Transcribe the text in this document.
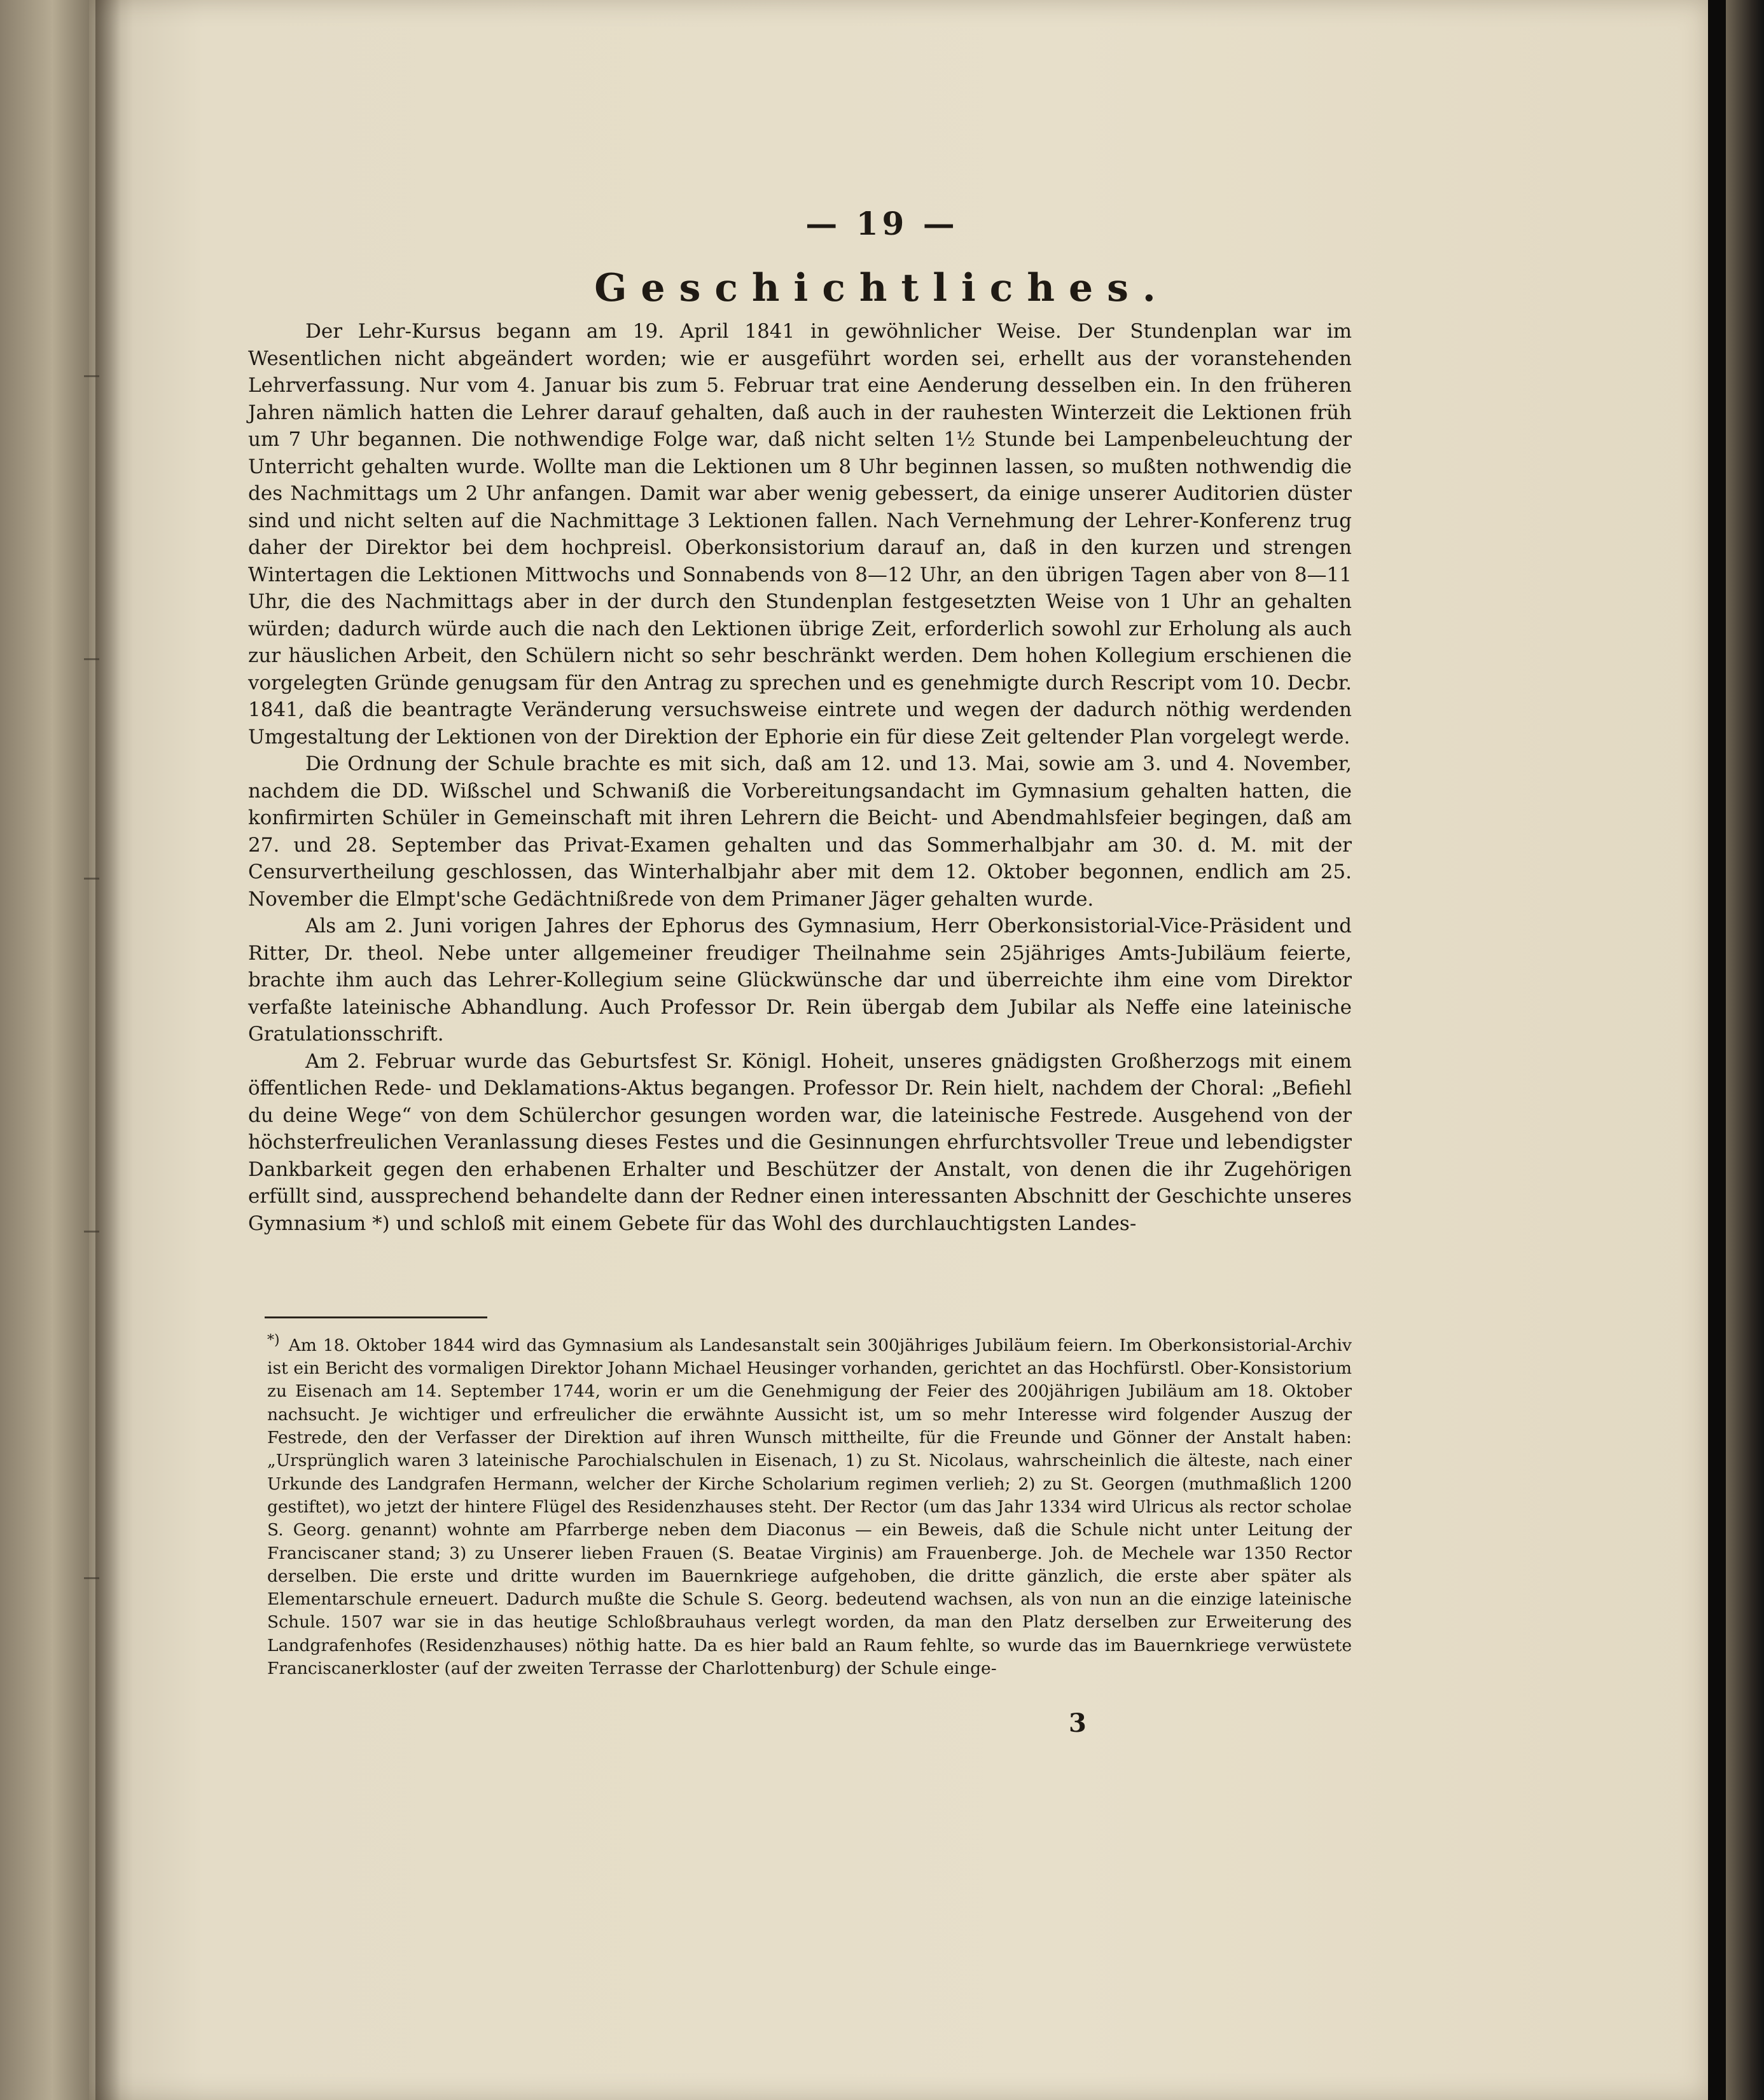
— 19 —
Geschichtliches.

Der Lehr-Kursus begann am 19. April 1841 in gewöhnlicher Weise. Der Stundenplan war im Wesentlichen nicht abgeändert worden; wie er ausgeführt worden sei, erhellt aus der voranstehenden Lehrverfassung. Nur vom 4. Januar bis zum 5. Februar trat eine Aenderung desselben ein. In den früheren Jahren nämlich hatten die Lehrer darauf gehalten, daß auch in der rauhesten Winterzeit die Lektionen früh um 7 Uhr begannen. Die nothwendige Folge war, daß nicht selten 1½ Stunde bei Lampenbeleuchtung der Unterricht gehalten wurde. Wollte man die Lektionen um 8 Uhr beginnen lassen, so mußten nothwendig die des Nachmittags um 2 Uhr anfangen. Damit war aber wenig gebessert, da einige unserer Auditorien düster sind und nicht selten auf die Nachmittage 3 Lektionen fallen. Nach Vernehmung der Lehrer-Konferenz trug daher der Direktor bei dem hochpreisl. Oberkonsistorium darauf an, daß in den kurzen und strengen Wintertagen die Lektionen Mittwochs und Sonnabends von 8—12 Uhr, an den übrigen Tagen aber von 8—11 Uhr, die des Nachmittags aber in der durch den Stundenplan festgesetzten Weise von 1 Uhr an gehalten würden; dadurch würde auch die nach den Lektionen übrige Zeit, erforderlich sowohl zur Erholung als auch zur häuslichen Arbeit, den Schülern nicht so sehr beschränkt werden. Dem hohen Kollegium erschienen die vorgelegten Gründe genugsam für den Antrag zu sprechen und es genehmigte durch Rescript vom 10. Decbr. 1841, daß die beantragte Veränderung versuchsweise eintrete und wegen der dadurch nöthig werdenden Umgestaltung der Lektionen von der Direktion der Ephorie ein für diese Zeit geltender Plan vorgelegt werde.

Die Ordnung der Schule brachte es mit sich, daß am 12. und 13. Mai, sowie am 3. und 4. November, nachdem die DD. Wißschel und Schwaniß die Vorbereitungsandacht im Gymnasium gehalten hatten, die konfirmirten Schüler in Gemeinschaft mit ihren Lehrern die Beicht- und Abendmahlsfeier begingen, daß am 27. und 28. September das Privat-Examen gehalten und das Sommerhalbjahr am 30. d. M. mit der Censurvertheilung geschlossen, das Winterhalbjahr aber mit dem 12. Oktober begonnen, endlich am 25. November die Elmpt'sche Gedächtnißrede von dem Primaner Jäger gehalten wurde.

Als am 2. Juni vorigen Jahres der Ephorus des Gymnasium, Herr Oberkonsistorial-Vice-Präsident und Ritter, Dr. theol. Nebe unter allgemeiner freudiger Theilnahme sein 25jähriges Amts-Jubiläum feierte, brachte ihm auch das Lehrer-Kollegium seine Glückwünsche dar und überreichte ihm eine vom Direktor verfaßte lateinische Abhandlung. Auch Professor Dr. Rein übergab dem Jubilar als Neffe eine lateinische Gratulationsschrift.

Am 2. Februar wurde das Geburtsfest Sr. Königl. Hoheit, unseres gnädigsten Großherzogs mit einem öffentlichen Rede- und Deklamations-Aktus begangen. Professor Dr. Rein hielt, nachdem der Choral: „Befiehl du deine Wege“ von dem Schülerchor gesungen worden war, die lateinische Festrede. Ausgehend von der höchsterfreulichen Veranlassung dieses Festes und die Gesinnungen ehrfurchtsvoller Treue und lebendigster Dankbarkeit gegen den erhabenen Erhalter und Beschützer der Anstalt, von denen die ihr Zugehörigen erfüllt sind, aussprechend behandelte dann der Redner einen interessanten Abschnitt der Geschichte unseres Gymnasium *) und schloß mit einem Gebete für das Wohl des durchlauchtigsten Landes-

*) Am 18. Oktober 1844 wird das Gymnasium als Landesanstalt sein 300jähriges Jubiläum feiern. Im Oberkonsistorial-Archiv ist ein Bericht des vormaligen Direktor Johann Michael Heusinger vorhanden, gerichtet an das Hochfürstl. Ober-Konsistorium zu Eisenach am 14. September 1744, worin er um die Genehmigung der Feier des 200jährigen Jubiläum am 18. Oktober nachsucht. Je wichtiger und erfreulicher die erwähnte Aussicht ist, um so mehr Interesse wird folgender Auszug der Festrede, den der Verfasser der Direktion auf ihren Wunsch mittheilte, für die Freunde und Gönner der Anstalt haben: „Ursprünglich waren 3 lateinische Parochialschulen in Eisenach, 1) zu St. Nicolaus, wahrscheinlich die älteste, nach einer Urkunde des Landgrafen Hermann, welcher der Kirche Scholarium regimen verlieh; 2) zu St. Georgen (muthmaßlich 1200 gestiftet), wo jetzt der hintere Flügel des Residenzhauses steht. Der Rector (um das Jahr 1334 wird Ulricus als rector scholae S. Georg. genannt) wohnte am Pfarrberge neben dem Diaconus — ein Beweis, daß die Schule nicht unter Leitung der Franciscaner stand; 3) zu Unserer lieben Frauen (S. Beatae Virginis) am Frauenberge. Joh. de Mechele war 1350 Rector derselben. Die erste und dritte wurden im Bauernkriege aufgehoben, die dritte gänzlich, die erste aber später als Elementarschule erneuert. Dadurch mußte die Schule S. Georg. bedeutend wachsen, als von nun an die einzige lateinische Schule. 1507 war sie in das heutige Schloßbrauhaus verlegt worden, da man den Platz derselben zur Erweiterung des Landgrafenhofes (Residenzhauses) nöthig hatte. Da es hier bald an Raum fehlte, so wurde das im Bauernkriege verwüstete Franciscanerkloster (auf der zweiten Terrasse der Charlottenburg) der Schule einge-
3
